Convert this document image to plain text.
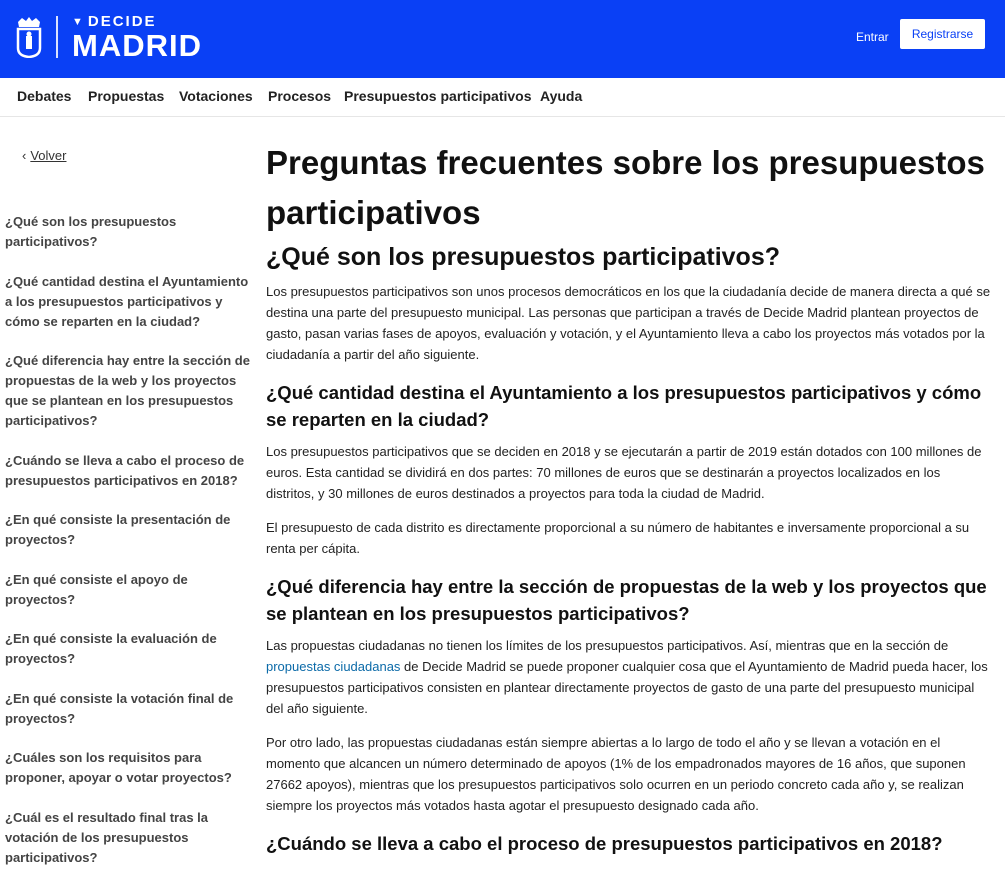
▼ DECIDE
MADRID	Entrar	Registrarse
Debates Propuestas Votaciones Procesos Presupuestos participativos Ayuda
‹ Volver
¿Qué son los presupuestos participativos?
¿Qué cantidad destina el Ayuntamiento a los presupuestos participativos y cómo se reparten en la ciudad?
¿Qué diferencia hay entre la sección de propuestas de la web y los proyectos que se plantean en los presupuestos participativos?
¿Cuándo se lleva a cabo el proceso de presupuestos participativos en 2018?
¿En qué consiste la presentación de proyectos?
¿En qué consiste el apoyo de proyectos?
¿En qué consiste la evaluación de proyectos?
¿En qué consiste la votación final de proyectos?
¿Cuáles son los requisitos para proponer, apoyar o votar proyectos?
¿Cuál es el resultado final tras la votación de los presupuestos participativos?
Preguntas frecuentes sobre los presupuestos participativos
¿Qué son los presupuestos participativos?

Los presupuestos participativos son unos procesos democráticos en los que la ciudadanía decide de manera directa a qué se destina una parte del presupuesto municipal. Las personas que participan a través de Decide Madrid plantean proyectos de gasto, pasan varias fases de apoyos, evaluación y votación, y el Ayuntamiento lleva a cabo los proyectos más votados por la ciudadanía a partir del año siguiente.

¿Qué cantidad destina el Ayuntamiento a los presupuestos participativos y cómo se reparten en la ciudad?

Los presupuestos participativos que se deciden en 2018 y se ejecutarán a partir de 2019 están dotados con 100 millones de euros. Esta cantidad se dividirá en dos partes: 70 millones de euros que se destinarán a proyectos localizados en los distritos, y 30 millones de euros destinados a proyectos para toda la ciudad de Madrid.

El presupuesto de cada distrito es directamente proporcional a su número de habitantes e inversamente proporcional a su renta per cápita.

¿Qué diferencia hay entre la sección de propuestas de la web y los proyectos que se plantean en los presupuestos participativos?

Las propuestas ciudadanas no tienen los límites de los presupuestos participativos. Así, mientras que en la sección de propuestas ciudadanas de Decide Madrid se puede proponer cualquier cosa que el Ayuntamiento de Madrid pueda hacer, los presupuestos participativos consisten en plantear directamente proyectos de gasto de una parte del presupuesto municipal del año siguiente.

Por otro lado, las propuestas ciudadanas están siempre abiertas a lo largo de todo el año y se llevan a votación en el momento que alcancen un número determinado de apoyos (1% de los empadronados mayores de 16 años, que suponen 27662 apoyos), mientras que los presupuestos participativos solo ocurren en un periodo concreto cada año y, se realizan siempre los proyectos más votados hasta agotar el presupuesto designado cada año.

¿Cuándo se lleva a cabo el proceso de presupuestos participativos en 2018?
